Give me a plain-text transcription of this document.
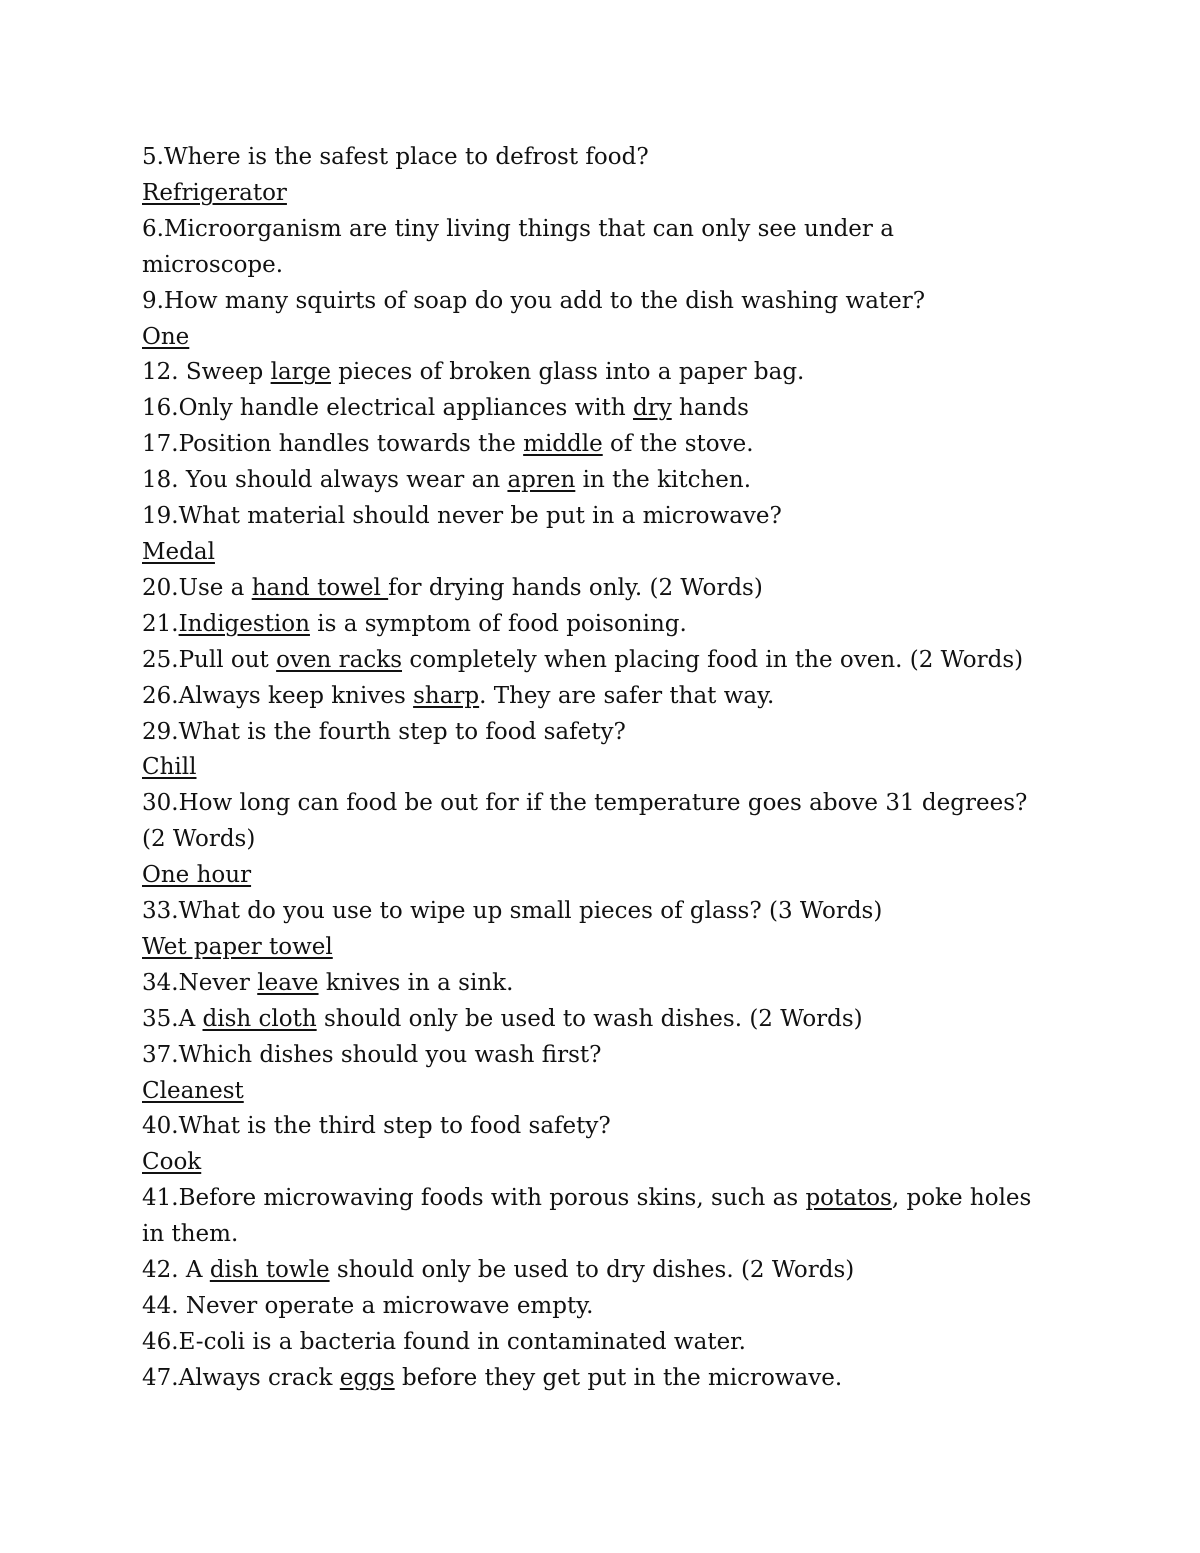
5.Where is the safest place to defrost food?
Refrigerator
6.Microorganism are tiny living things that can only see under a
microscope.
9.How many squirts of soap do you add to the dish washing water?
One
12. Sweep large pieces of broken glass into a paper bag.
16.Only handle electrical appliances with dry hands
17.Position handles towards the middle of the stove.
18. You should always wear an apren in the kitchen.
19.What material should never be put in a microwave?
Medal
20.Use a hand towel for drying hands only. (2 Words)
21.Indigestion is a symptom of food poisoning.
25.Pull out oven racks completely when placing food in the oven. (2 Words)
26.Always keep knives sharp. They are safer that way.
29.What is the fourth step to food safety?
Chill
30.How long can food be out for if the temperature goes above 31 degrees?
(2 Words)
One hour
33.What do you use to wipe up small pieces of glass? (3 Words)
Wet paper towel
34.Never leave knives in a sink.
35.A dish cloth should only be used to wash dishes. (2 Words)
37.Which dishes should you wash first?
Cleanest
40.What is the third step to food safety?
Cook
41.Before microwaving foods with porous skins, such as potatos, poke holes
in them.
42. A dish towle should only be used to dry dishes. (2 Words)
44. Never operate a microwave empty.
46.E-coli is a bacteria found in contaminated water.
47.Always crack eggs before they get put in the microwave.
